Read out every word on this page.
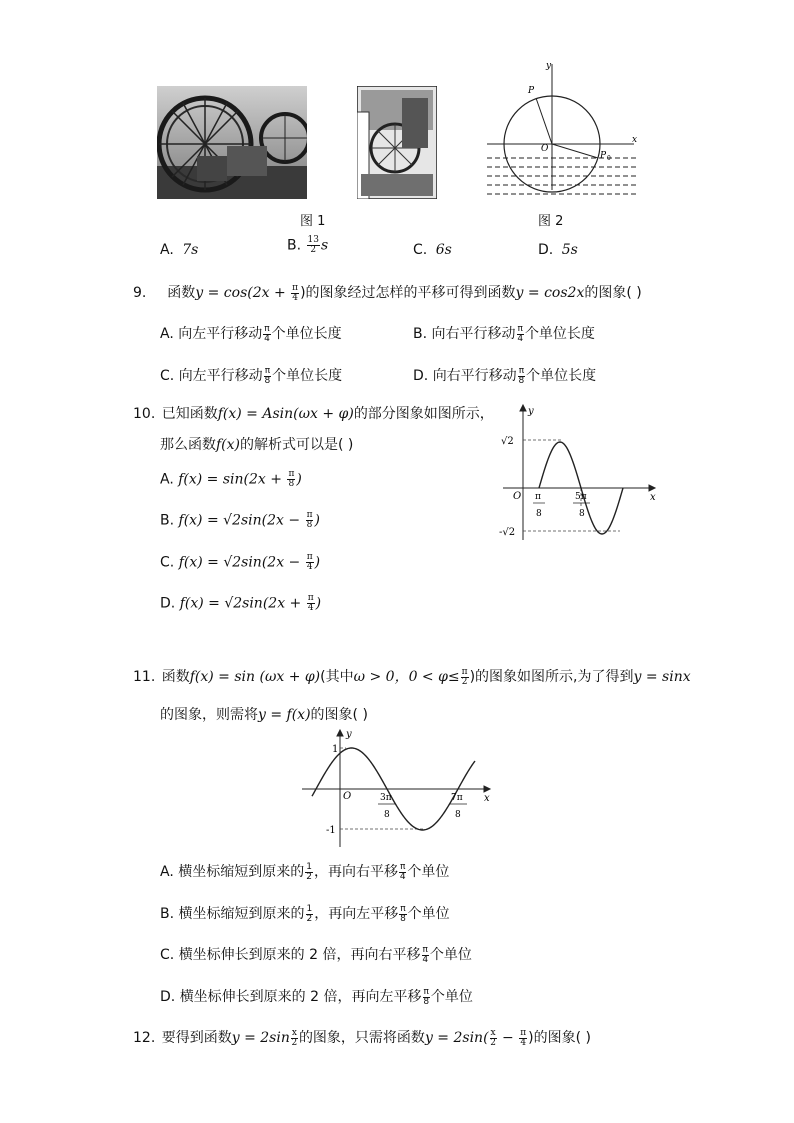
图 1
y
x
O
P
P 0
图 2
A. 7s	B. $\frac{13}{2}$ s	C. 6s	D. 5s
9. 函数$y = \cos(2x + \frac{\pi}{4}$ )的图象经过怎样的平移可得到函数y = cos2x的图象( )
A. 向左平行移动 $\frac{\pi}{4}$ 个单位长度	B. 向右平行移动 $\frac{\pi}{4}$ 个单位长度
C. 向左平行移动 $\frac{\pi}{8}$ 个单位长度	D. 向右平行移动 $\frac{\pi}{8}$ 个单位长度
10. 已知函数f(x) = Asin(ωx + φ)的部分图象如图所示，
那么函数f(x)的解析式可以是( )
A. $f(x) = \sin(2x + \frac{\pi}{8}$ )
B. $f(x) = √2\sin(2x - \frac{\pi}{8}$ )
C. $f(x) = √2\sin(2x - \frac{\pi}{4}$ )
D. $f(x) = √2\sin(2x + \frac{\pi}{4}$ )
√2
-√2
y
x
O π
8
5π
8
11. 函数f(x) = sin (ωx + φ)(其中ω > 0，$0 < \varphi\le \frac{\pi}{2}$ )的图象如图所示,为了得到y = sinx
的图象，则需将y = f(x)的图象( )
1
-1
y
x
O	3π
8
7π
8
A. 横坐标缩短到原来的 $\frac{1}{2}$ ，再向右平移 $\frac{\pi}{4}$ 个单位
B. 横坐标缩短到原来的 $\frac{1}{2}$ ，再向左平移 $\frac{\pi}{8}$ 个单位
C. 横坐标伸长到原来的 2 倍，再向右平移 $\frac{\pi}{4}$ 个单位
D. 横坐标伸长到原来的 2 倍，再向左平移 $\frac{\pi}{8}$ 个单位
12. 要得到函数$y = 2\sin \frac{x}{2}$ 的图象，只需将函数$y = 2\sin( \frac{x}{2} - \frac{\pi}{4}$ )的图象( )
